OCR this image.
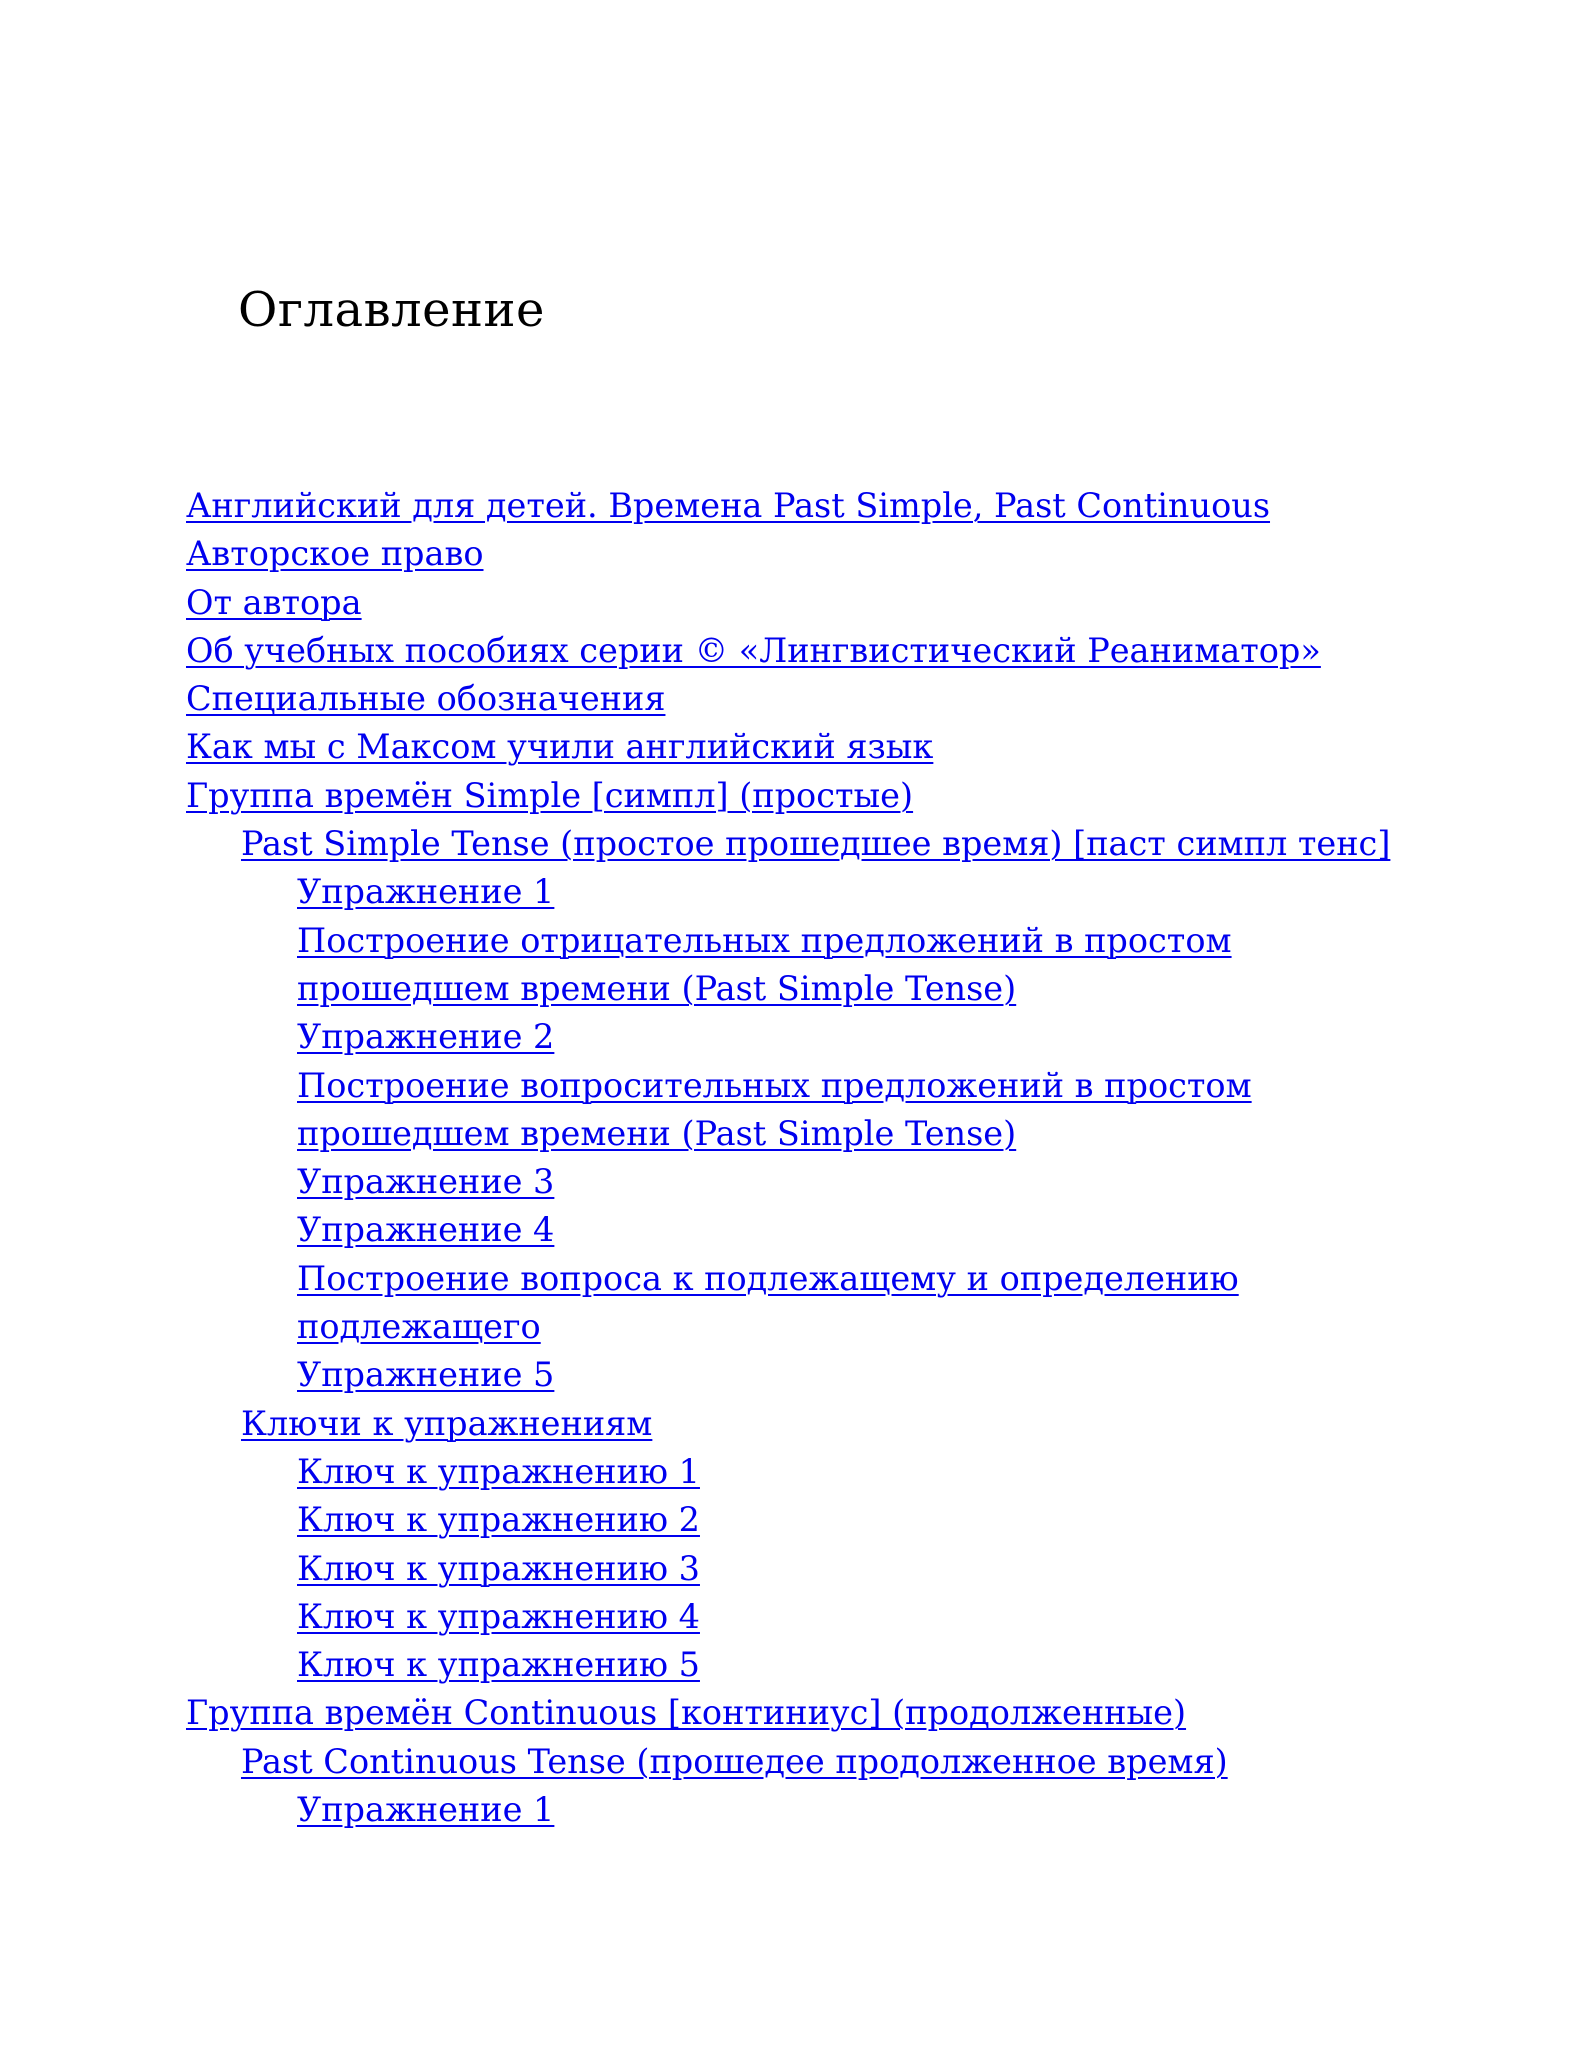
Оглавление
Английский для детей. Времена Past Simple, Past Continuous
Авторское право
От автора
Об учебных пособиях серии © «Лингвистический Реаниматор»
Специальные обозначения
Как мы с Максом учили английский язык
Группа времён Simple [симпл] (простые)
Past Simple Tense (простое прошедшее время) [паст симпл тенс]
Упражнение 1
Построение отрицательных предложений в простом прошедшем времени (Past Simple Tense)
Упражнение 2
Построение вопросительных предложений в простом прошедшем времени (Past Simple Tense)
Упражнение 3
Упражнение 4
Построение вопроса к подлежащему и определению подлежащего
Упражнение 5
Ключи к упражнениям
Ключ к упражнению 1
Ключ к упражнению 2
Ключ к упражнению 3
Ключ к упражнению 4
Ключ к упражнению 5
Группа времён Continuous [континиус] (продолженные)
Past Continuous Tense (прошедее продолженное время)
Упражнение 1
